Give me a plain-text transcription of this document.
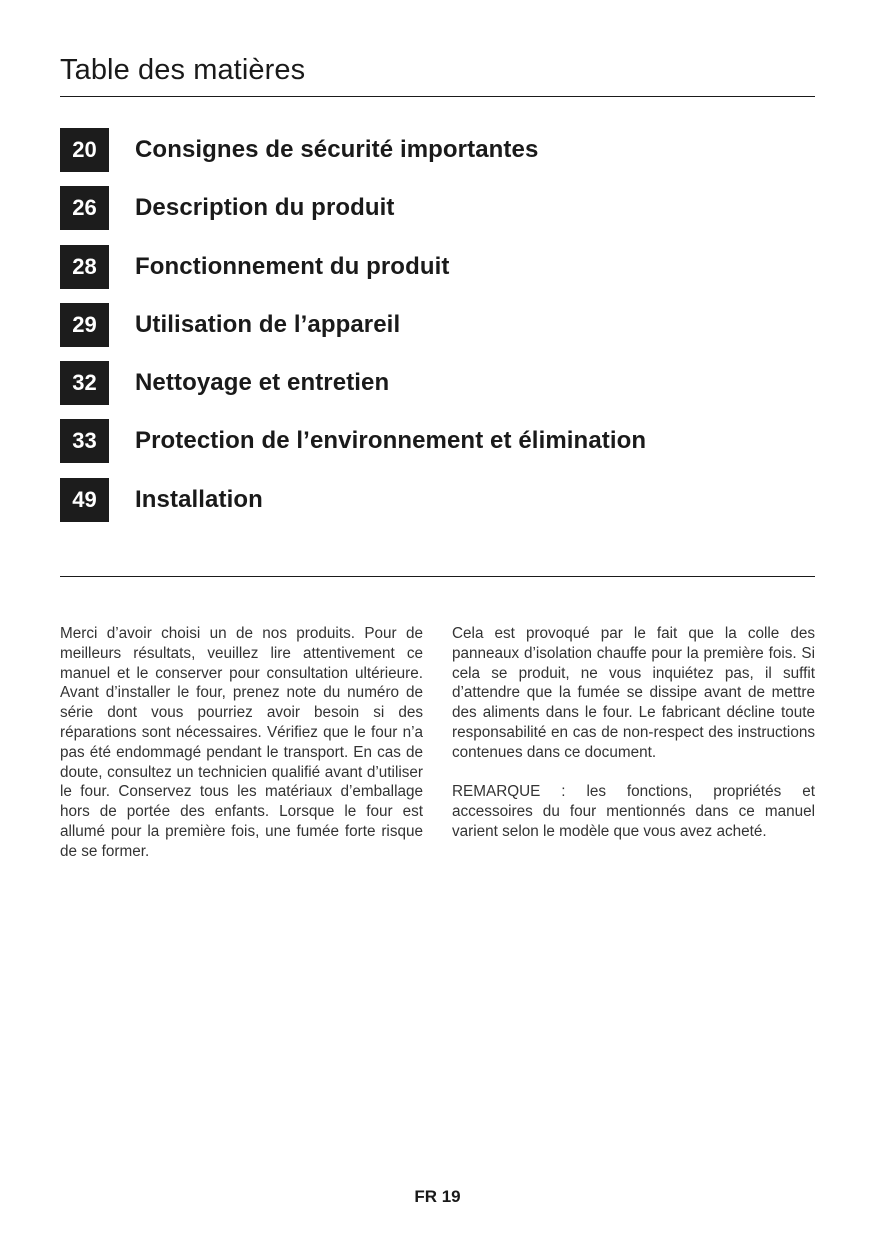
Table des matières
20	Consignes de sécurité importantes
26	Description du produit
28	Fonctionnement du produit
29	Utilisation de l’appareil
32	Nettoyage et entretien
33	Protection de l’environnement et élimination
49	Installation

Merci d’avoir choisi un de nos produits. Pour de meilleurs résultats, veuillez lire attentivement ce manuel et le conserver pour consultation ultérieure. Avant d’installer le four, prenez note du numéro de série dont vous pourriez avoir besoin si des réparations sont nécessaires. Vérifiez que le four n’a pas été endommagé pendant le transport. En cas de doute, consultez un technicien qualifié avant d’utiliser le four. Conservez tous les matériaux d’emballage hors de portée des enfants. Lorsque le four est allumé pour la première fois, une fumée forte risque de se former.

Cela est provoqué par le fait que la colle des panneaux d’isolation chauffe pour la première fois. Si cela se produit, ne vous inquiétez pas, il suffit d’attendre que la fumée se dissipe avant de mettre des aliments dans le four. Le fabricant décline toute responsabilité en cas de non-respect des instructions contenues dans ce document.

REMARQUE : les fonctions, propriétés et accessoires du four mentionnés dans ce manuel varient selon le modèle que vous avez acheté.

FR 19
